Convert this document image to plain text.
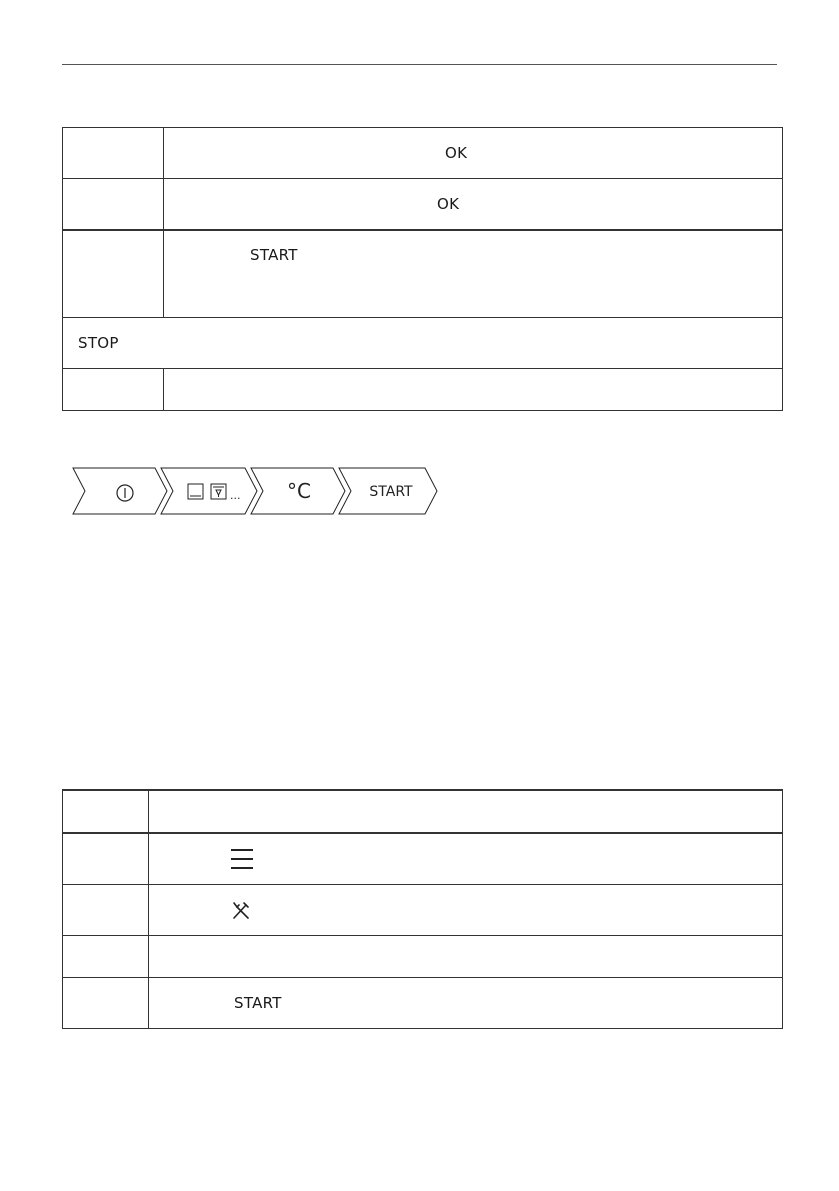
	OK
	OK

	START

STOP	

... °C	START

	START
